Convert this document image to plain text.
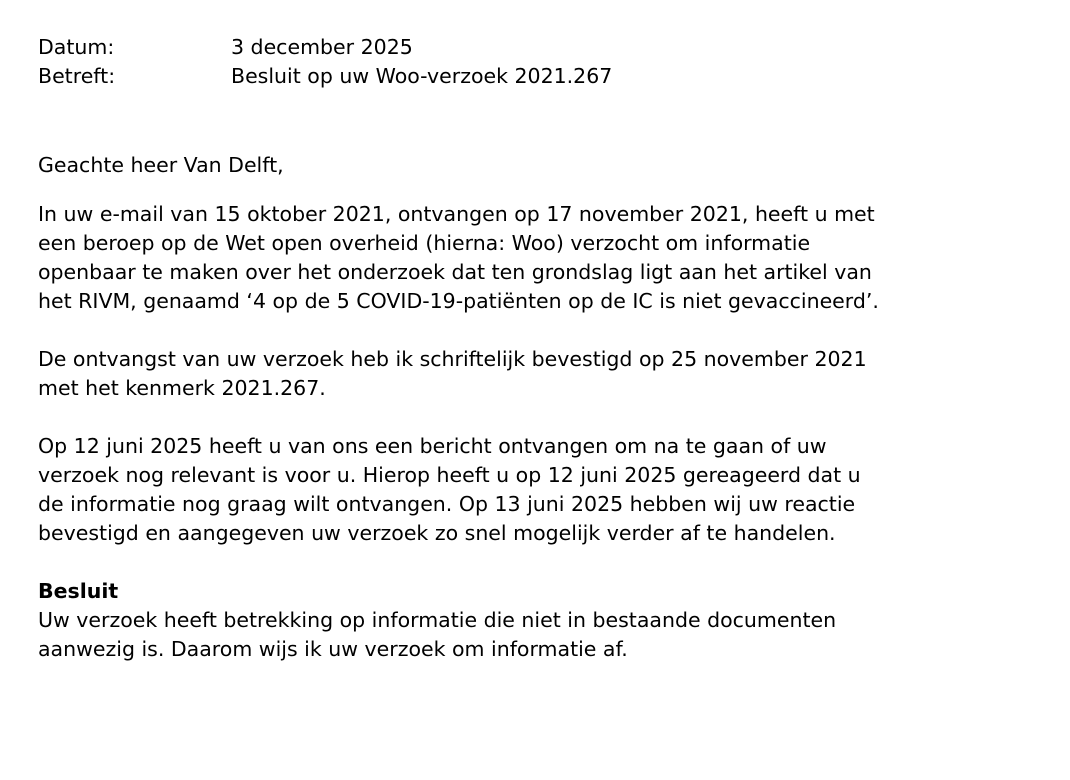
Datum:	3 december 2025
Betreft:	Besluit op uw Woo-verzoek 2021.267
Geachte heer Van Delft,

In uw e-mail van 15 oktober 2021, ontvangen op 17 november 2021, heeft u met
een beroep op de Wet open overheid (hierna: Woo) verzocht om informatie
openbaar te maken over het onderzoek dat ten grondslag ligt aan het artikel van
het RIVM, genaamd ‘4 op de 5 COVID-19-patiënten op de IC is niet gevaccineerd’.

De ontvangst van uw verzoek heb ik schriftelijk bevestigd op 25 november 2021
met het kenmerk 2021.267.

Op 12 juni 2025 heeft u van ons een bericht ontvangen om na te gaan of uw
verzoek nog relevant is voor u. Hierop heeft u op 12 juni 2025 gereageerd dat u
de informatie nog graag wilt ontvangen. Op 13 juni 2025 hebben wij uw reactie
bevestigd en aangegeven uw verzoek zo snel mogelijk verder af te handelen.

Besluit

Uw verzoek heeft betrekking op informatie die niet in bestaande documenten
aanwezig is. Daarom wijs ik uw verzoek om informatie af.
